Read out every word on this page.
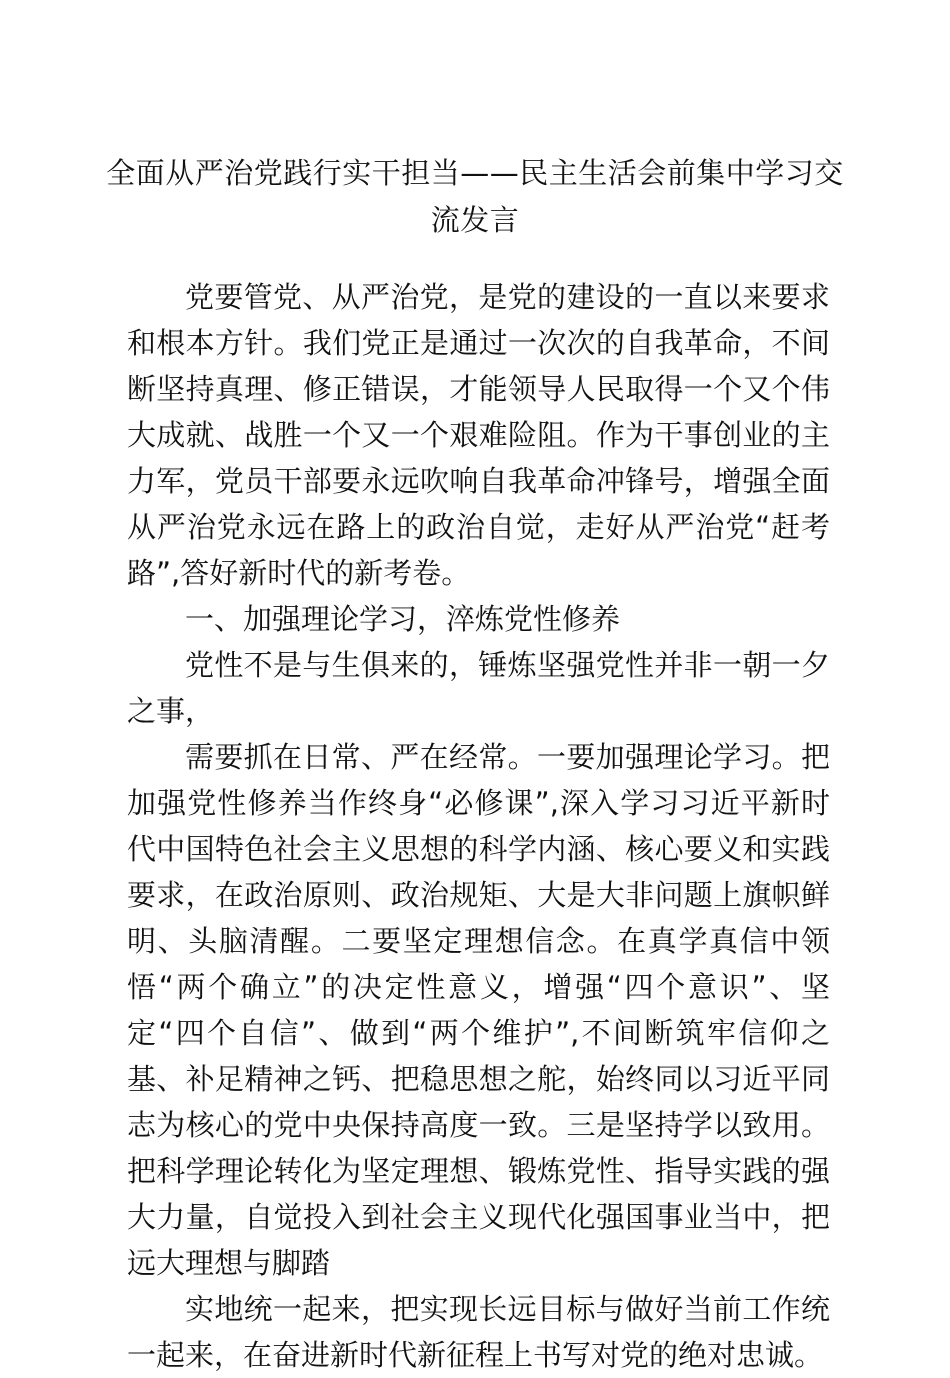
全面从严治党践行实干担当——民主生活会前集中学习交流发言

党要管党、从严治党，是党的建设的一直以来要求和根本方针。我们党正是通过一次次的自我革命，不间断坚持真理、修正错误，才能领导人民取得一个又个伟大成就、战胜一个又一个艰难险阻。作为干事创业的主力军，党员干部要永远吹响自我革命冲锋号，增强全面从严治党永远在路上的政治自觉，走好从严治党“赶考路”,答好新时代的新考卷。

一、加强理论学习，淬炼党性修养

党性不是与生俱来的，锤炼坚强党性并非一朝一夕之事，

需要抓在日常、严在经常。一要加强理论学习。把加强党性修养当作终身“必修课”,深入学习习近平新时代中国特色社会主义思想的科学内涵、核心要义和实践要求，在政治原则、政治规矩、大是大非问题上旗帜鲜明、头脑清醒。二要坚定理想信念。在真学真信中领悟“两个确立”的决定性意义，增强“四个意识”、坚定“四个自信”、做到“两个维护”,不间断筑牢信仰之基、补足精神之钙、把稳思想之舵，始终同以习近平同志为核心的党中央保持高度一致。三是坚持学以致用。把科学理论转化为坚定理想、锻炼党性、指导实践的强大力量，自觉投入到社会主义现代化强国事业当中，把远大理想与脚踏

实地统一起来，把实现长远目标与做好当前工作统一起来，在奋进新时代新征程上书写对党的绝对忠诚。
